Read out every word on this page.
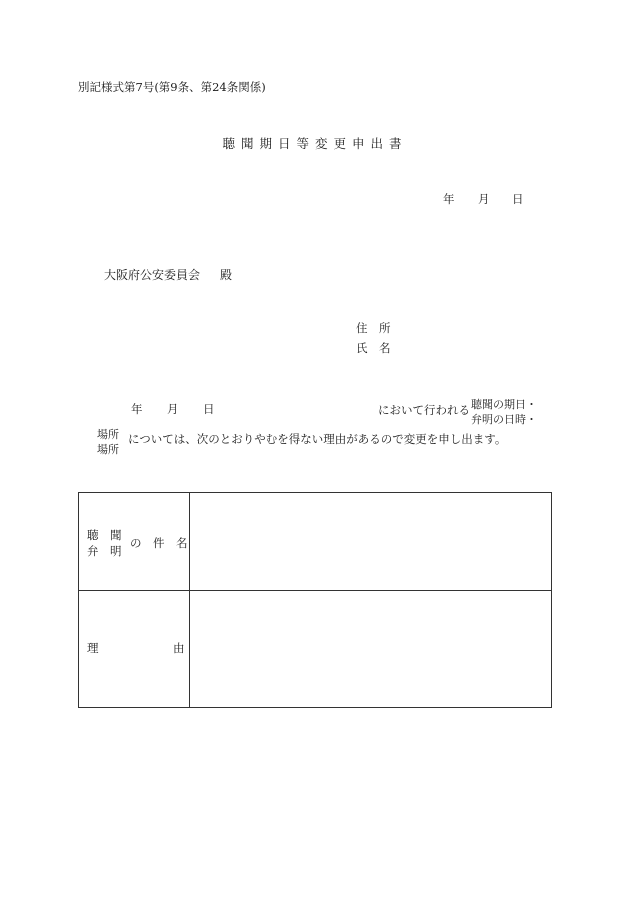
別記様式第7号(第9条、第24条関係)
聴聞期日等変更申出書
年 月 日
大阪府公安委員会 殿
住　所
氏　名
年 月 日
場所
場所
において行われる 聴聞の期日・
弁明の日時・
については、次のとおりやむを得ない理由があるので変更を申し出ます。
聴　聞
弁　明
の　件　名	

理 由	
